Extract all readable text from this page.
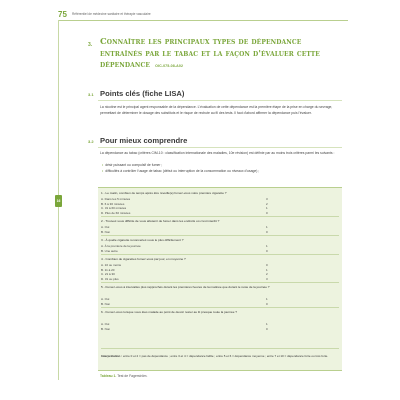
75 Référentiel de médecine sanitaire et thérapie vasculaire
16
3. Connaître les principaux types de dépendance entraînés par le tabac et la façon d'évaluer cette dépendance OIC-075-08-A02
3.1 Points clés (fiche LISA)
La nicotine est le principal agent responsable de la dépendance. L'évaluation de cette dépendance est la première étape de la prise en charge du sevrage, permettant de déterminer le dosage des substituts et le risque de rechute au fil des tests. Il faut d'abord affirmer la dépendance puis l'évaluer.
3.2 Pour mieux comprendre
La dépendance au tabac (critères CIM-10 : classification internationale des maladies, 10e révision) est définie par au moins trois critères parmi les suivants :
• désir puissant ou compulsif de fumer ;
• difficultés à contrôler l'usage de tabac (début ou interruption de la consommation ou niveaux d'usage) ;
1 - Le matin, combien de temps après être réveillé(e) fumez-vous votre première cigarette ?
A. Dans les 5 minutes	3
B. 6 à 30 minutes	2
C. 31 à 60 minutes	1
D. Plus de 60 minutes	0
2 - Trouvez-vous difficile de vous abstenir de fumer dans les endroits où c'est interdit ?
A. Oui	1
B. Non	0
3 - À quelle cigarette renonceriez-vous le plus difficilement ?
A. À la première de la journée	1
B. Une autre	0
4 - Combien de cigarettes fumez-vous par jour, en moyenne ?
A. 10 ou moins	0
B. 11 à 20	1
C. 21 à 30	2
D. 31 ou plus	3
5 - Fumez-vous à intervalles plus rapprochés durant les premières heures de la matinée que durant le reste de la journée ?
A. Oui	1
B. Non	0
6 - Fumez-vous lorsque vous êtes malade au point de devoir rester au lit presque toute la journée ?
A. Oui	1
B. Non	0
Interprétation : entre 0 et 2 = pas de dépendance ; entre 3 et 4 = dépendance faible ; entre 5 et 6 = dépendance moyenne ; entre 7 et 10 = dépendance forte ou très forte.
Tableau 1. Test de Fagerström.
